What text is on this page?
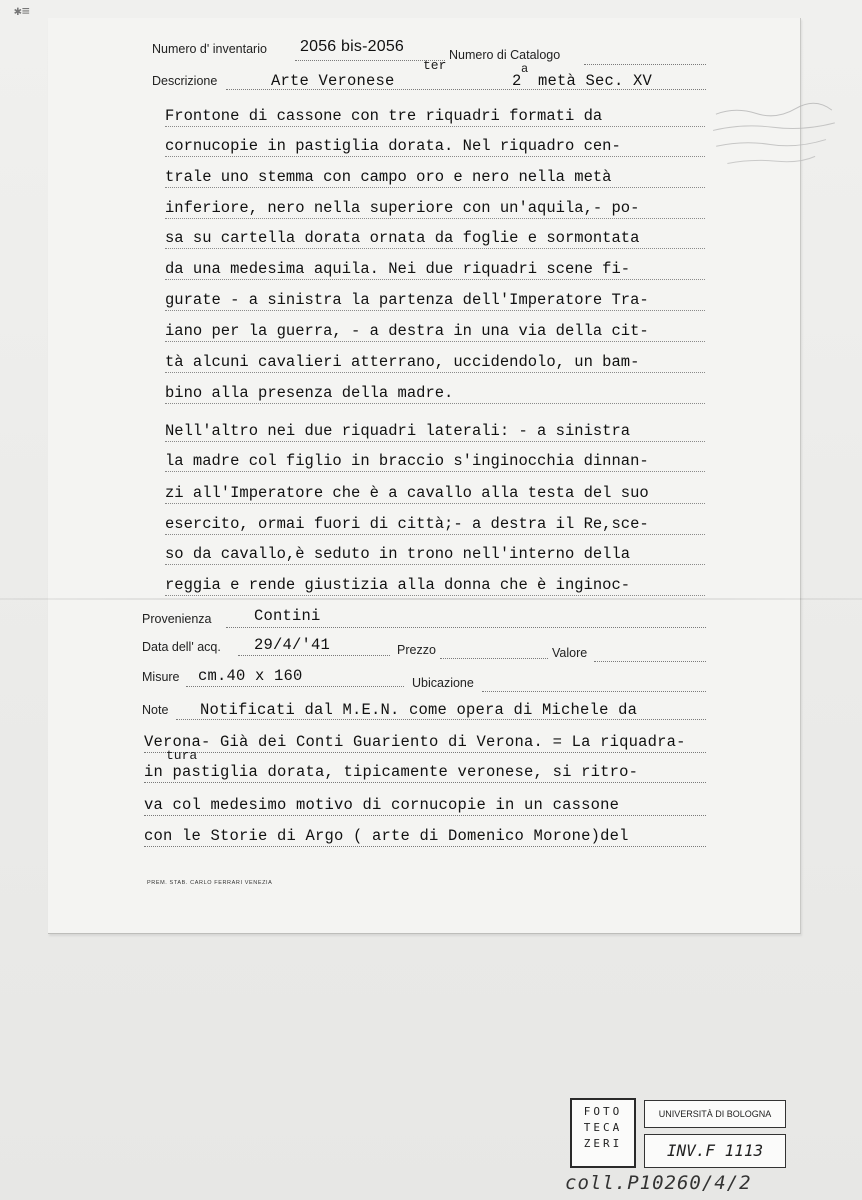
✱≡
Numero d' inventario 2056 bis-2056
ter
Numero di Catalogo
Descrizione	Arte Veronese	2
a
metà Sec. XV
Frontone di cassone con tre riquadri formati da
cornucopie in pastiglia dorata. Nel riquadro cen-
trale uno stemma con campo oro e nero nella metà
inferiore, nero nella superiore con un'aquila,- po-
sa su cartella dorata ornata da foglie e sormontata
da una medesima aquila. Nei due riquadri scene fi-
gurate - a sinistra la partenza dell'Imperatore Tra-
iano per la guerra, - a destra in una via della cit-
tà alcuni cavalieri atterrano, uccidendolo, un bam-
bino alla presenza della madre.
Nell'altro nei due riquadri laterali: - a sinistra
la madre col figlio in braccio s'inginocchia dinnan-
zi all'Imperatore che è a cavallo alla testa del suo
esercito, ormai fuori di città;- a destra il Re,sce-
so da cavallo,è seduto in trono nell'interno della
reggia e rende giustizia alla donna che è inginoc-
Provenienza	Contini
Data dell' acq. 29/4/'41	Prezzo	Valore
Misure cm.40 x 160	Ubicazione
Note Notificati dal M.E.N. come opera di Michele da
Verona- Già dei Conti Guariento di Verona. = La riquadra-
tura
in pastiglia dorata, tipicamente veronese, si ritro-
va col medesimo motivo di cornucopie in un cassone
con le Storie di Argo ( arte di Domenico Morone)del
PREM. STAB. CARLO FERRARI VENEZIA
FOTO
TECA
ZERI
UNIVERSITÀ DI BOLOGNA
INV.F 1113
coll.P10260/4/2
